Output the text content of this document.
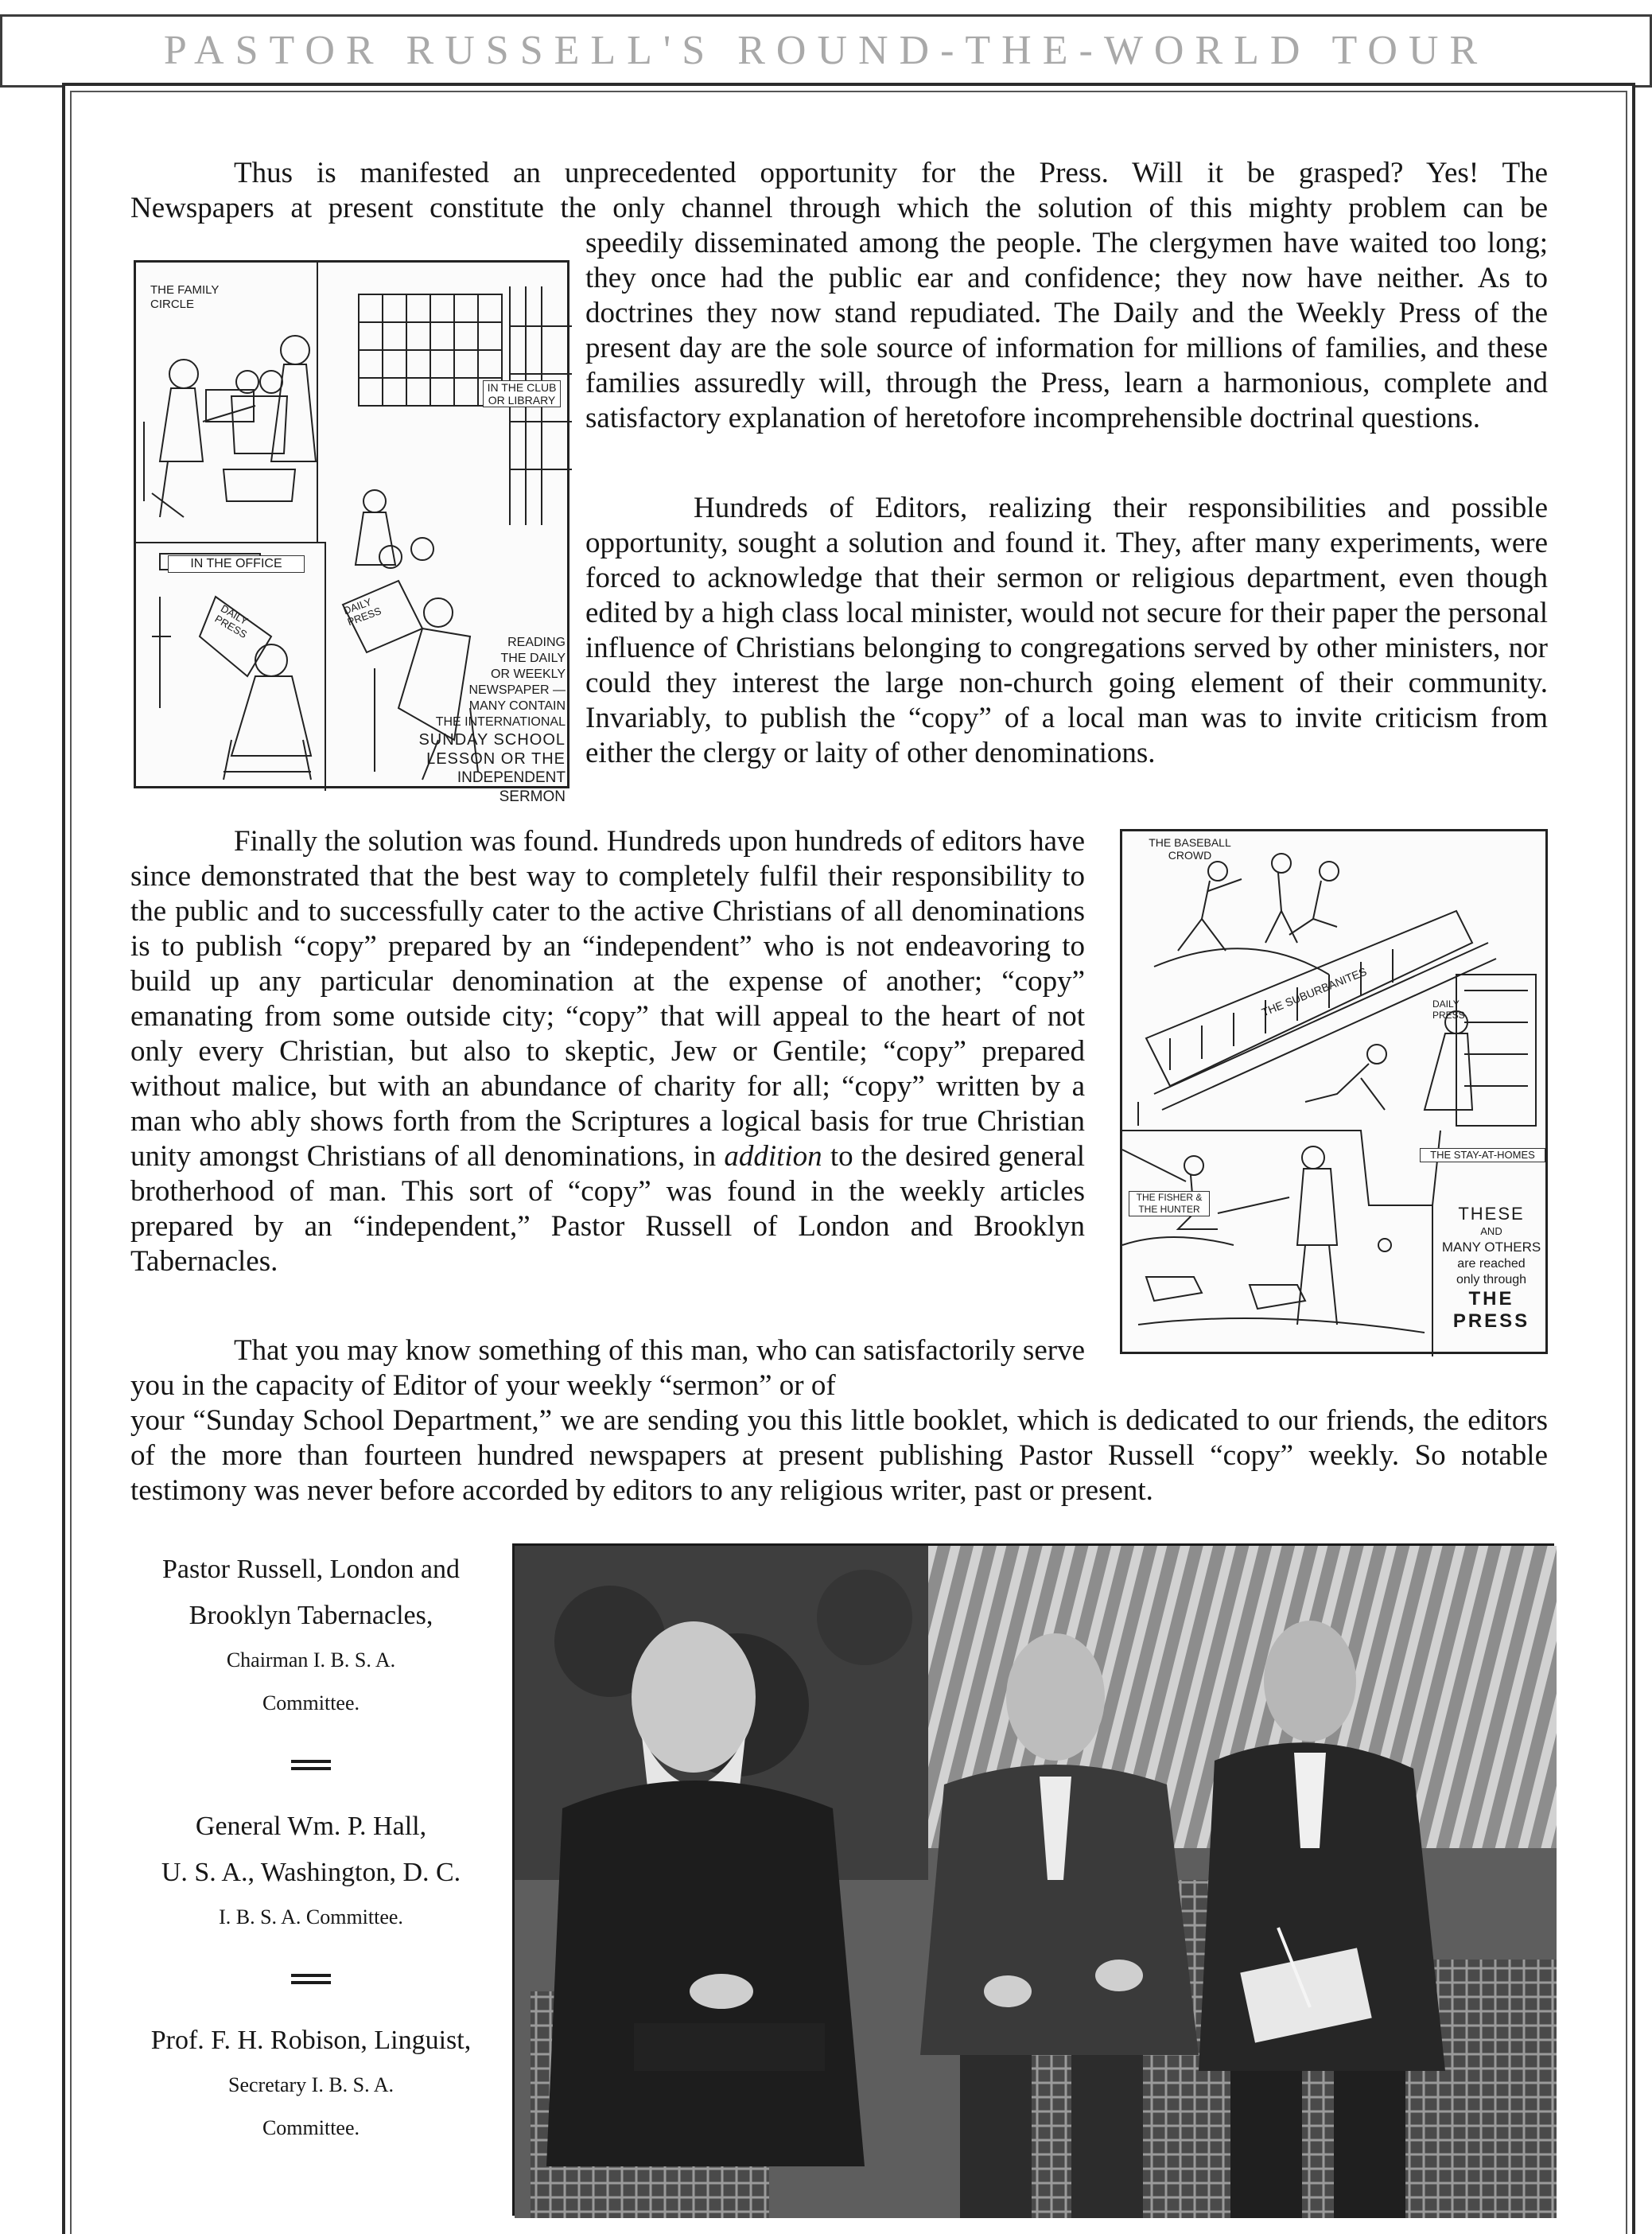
PASTOR RUSSELL'S ROUND-THE-WORLD TOUR
Thus is manifested an unprecedented opportunity for the Press. Will it be grasped? Yes! The
Newspapers at present constitute the only channel through which the solution of this mighty problem can be

speedily disseminated among the people. The clergymen have waited too long; they once had the public ear and confidence; they now have neither. As to doctrines they now stand repudiated. The Daily and the Weekly Press of the present day are the sole source of information for millions of families, and these families assuredly will, through the Press, learn a harmonious, complete and satisfactory explanation of heretofore incomprehensible doctrinal questions.

Hundreds of Editors, realizing their responsibilities and possible opportunity, sought a solution and found it. They, after many experiments, were forced to acknowledge that their sermon or religious department, even though edited by a high class local minister, would not secure for their paper the personal influence of Christians belonging to congregations served by other ministers, nor could they interest the large non-church going element of their community. Invariably, to publish the “copy” of a local man was to invite criticism from either the clergy or laity of other denominations.

Finally the solution was found. Hundreds upon hundreds of editors have since demonstrated that the best way to completely fulfil their responsibility to the public and to successfully cater to the active Christians of all denominations is to publish “copy” prepared by an “independent” who is not endeavoring to build up any particular denomination at the expense of another; “copy” emanating from some outside city; “copy” that will appeal to the heart of not only every Christian, but also to skeptic, Jew or Gentile; “copy” prepared without malice, but with an abundance of charity for all; “copy” written by a man who ably shows forth from the Scriptures a logical basis for true Christian unity amongst Christians of all denominations, in addition to the desired general brotherhood of man. This sort of “copy” was found in the weekly articles prepared by an “independent,” Pastor Russell of London and Brooklyn Tabernacles.

That you may know something of this man, who can satisfactorily serve you in the capacity of Editor of your weekly “sermon” or of

your “Sunday School Department,” we are sending you this little booklet, which is dedicated to our friends, the editors of the more than fourteen hundred newspapers at present publishing Pastor Russell “copy” weekly. So notable testimony was never before accorded by editors to any religious writer, past or present.

THE FAMILY CIRCLE
IN THE CLUB OR LIBRARY
IN THE OFFICE
DAILY PRESS
DAILY PRESS
READING
THE DAILY
OR WEEKLY
NEWSPAPER —
MANY CONTAIN
THE INTERNATIONAL
SUNDAY SCHOOL
LESSON OR THE
INDEPENDENT SERMON
THE BASEBALL CROWD
THE SUBURBANITES	DAILY PRESS
THE STAY-AT-HOMES
THE FISHER & THE HUNTER	THESE
AND
MANY OTHERS
are reached
only through
THE
PRESS

Pastor Russell, London and

Brooklyn Tabernacles,

Chairman I. B. S. A.

Committee.

General Wm. P. Hall,

U. S. A., Washington, D. C.

I. B. S. A. Committee.

Prof. F. H. Robison, Linguist,

Secretary I. B. S. A.

Committee.
